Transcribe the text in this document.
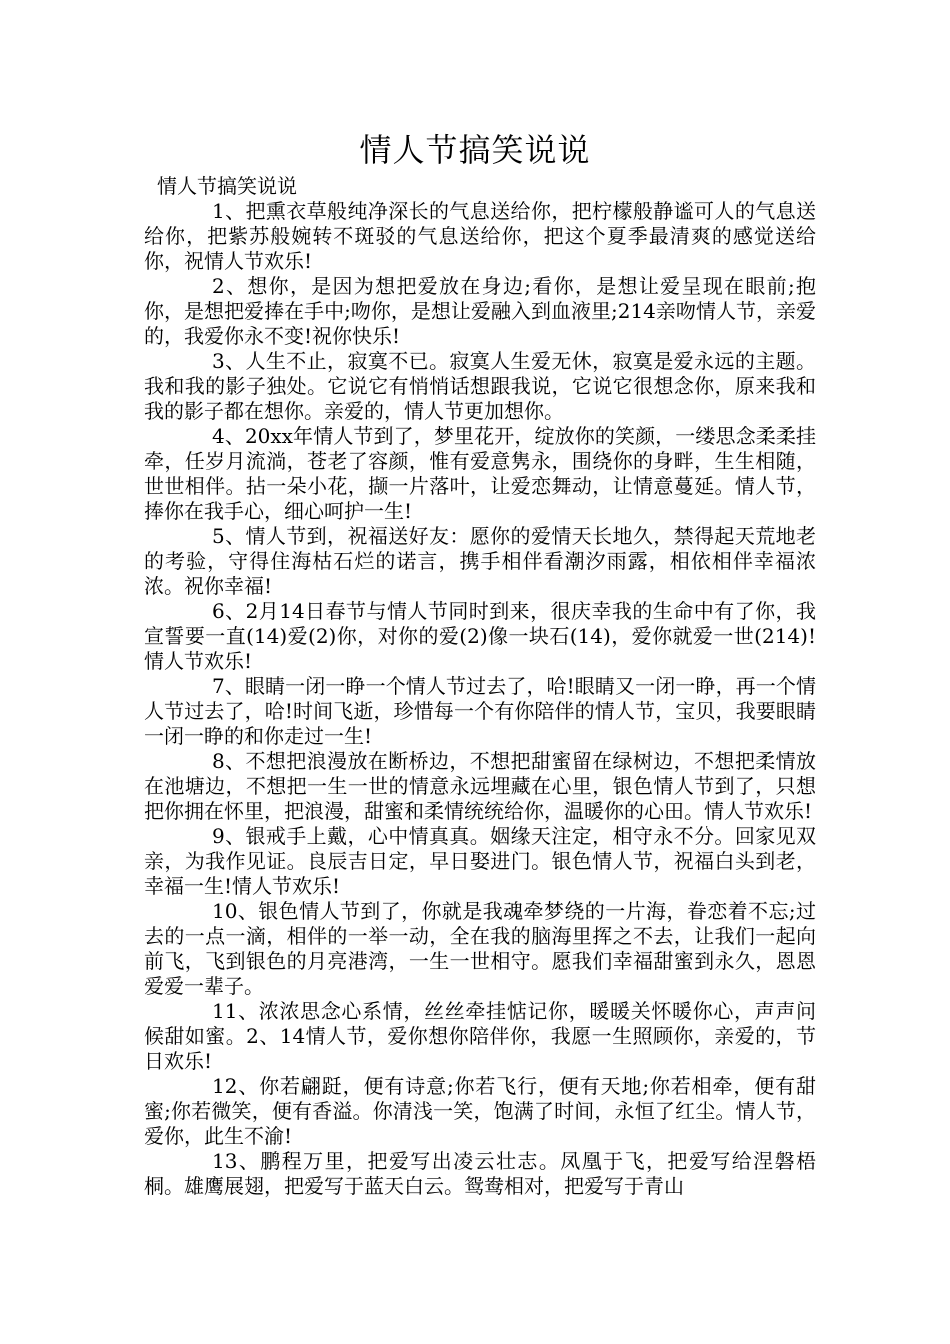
情人节搞笑说说

情人节搞笑说说

1、把熏衣草般纯净深长的气息送给你，把柠檬般静谧可人的气息送给你，把紫苏般婉转不斑驳的气息送给你，把这个夏季最清爽的感觉送给你，祝情人节欢乐!

2、想你，是因为想把爱放在身边;看你，是想让爱呈现在眼前;抱你，是想把爱捧在手中;吻你，是想让爱融入到血液里;214亲吻情人节，亲爱的，我爱你永不变!祝你快乐!

3、人生不止，寂寞不已。寂寞人生爱无休，寂寞是爱永远的主题。我和我的影子独处。它说它有悄悄话想跟我说，它说它很想念你，原来我和我的影子都在想你。亲爱的，情人节更加想你。

4、20xx年情人节到了，梦里花开，绽放你的笑颜，一缕思念柔柔挂牵，任岁月流淌，苍老了容颜，惟有爱意隽永，围绕你的身畔，生生相随，世世相伴。拈一朵小花，撷一片落叶，让爱恋舞动，让情意蔓延。情人节，捧你在我手心，细心呵护一生!

5、情人节到，祝福送好友：愿你的爱情天长地久，禁得起天荒地老的考验，守得住海枯石烂的诺言，携手相伴看潮汐雨露，相依相伴幸福浓浓。祝你幸福!

6、2月14日春节与情人节同时到来，很庆幸我的生命中有了你，我宣誓要一直(14)爱(2)你，对你的爱(2)像一块石(14)，爱你就爱一世(214)!情人节欢乐!

7、眼睛一闭一睁一个情人节过去了，哈!眼睛又一闭一睁，再一个情人节过去了，哈!时间飞逝，珍惜每一个有你陪伴的情人节，宝贝，我要眼睛一闭一睁的和你走过一生!

8、不想把浪漫放在断桥边，不想把甜蜜留在绿树边，不想把柔情放在池塘边，不想把一生一世的情意永远埋藏在心里，银色情人节到了，只想把你拥在怀里，把浪漫，甜蜜和柔情统统给你，温暖你的心田。情人节欢乐!

9、银戒手上戴，心中情真真。姻缘天注定，相守永不分。回家见双亲，为我作见证。良辰吉日定，早日娶进门。银色情人节，祝福白头到老，幸福一生!情人节欢乐!

10、银色情人节到了，你就是我魂牵梦绕的一片海，眷恋着不忘;过去的一点一滴，相伴的一举一动，全在我的脑海里挥之不去，让我们一起向前飞，飞到银色的月亮港湾，一生一世相守。愿我们幸福甜蜜到永久，恩恩爱爱一辈子。

11、浓浓思念心系情，丝丝牵挂惦记你，暖暖关怀暖你心，声声问候甜如蜜。2、14情人节，爱你想你陪伴你，我愿一生照顾你，亲爱的，节日欢乐!

12、你若翩跹，便有诗意;你若飞行，便有天地;你若相牵，便有甜蜜;你若微笑，便有香溢。你清浅一笑，饱满了时间，永恒了红尘。情人节，爱你，此生不渝!

13、鹏程万里，把爱写出凌云壮志。凤凰于飞，把爱写给涅磐梧桐。雄鹰展翅，把爱写于蓝天白云。鸳鸯相对，把爱写于青山
